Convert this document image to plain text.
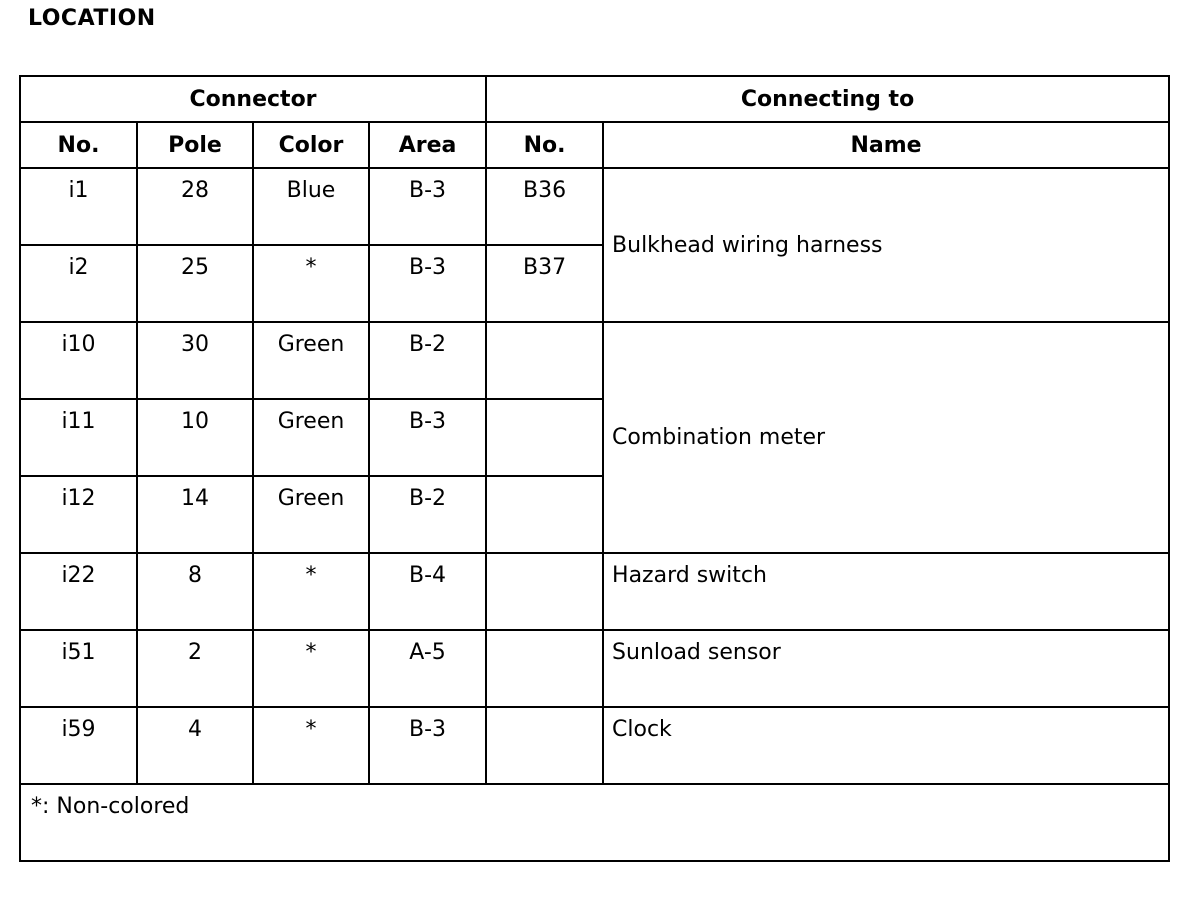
LOCATION
Connector				Connecting to	
No.	Pole	Color	Area	No.	Name
i1	28	Blue	B-3	B36	Bulkhead wiring harness
i2	25	*	B-3	B37	
i10	30	Green	B-2		Combination meter
i11	10	Green	B-3		
i12	14	Green	B-2		
i22	8	*	B-4		Hazard switch
i51	2	*	A-5		Sunload sensor
i59	4	*	B-3		Clock
*: Non-colored					
